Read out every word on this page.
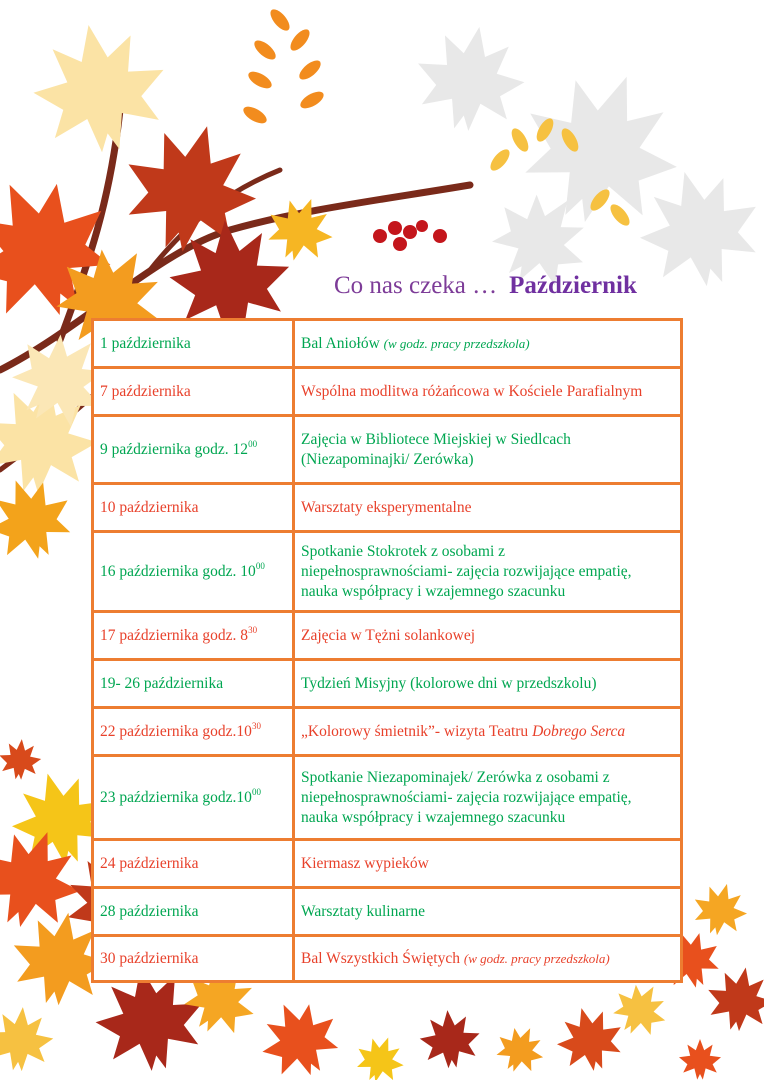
Co nas czeka … Październik
1 października	Bal Aniołów (w godz. pracy przedszkola)
7 października	Wspólna modlitwa różańcowa w Kościele Parafialnym
9 października godz. $12^{00}$	Zajęcia w Bibliotece Miejskiej w Siedlcach
(Niezapominajki/ Zerówka)
10 października	Warsztaty eksperymentalne
16 października godz. $10^{00}$	Spotkanie Stokrotek z osobami z
niepełnosprawnościami- zajęcia rozwijające empatię,
nauka współpracy i wzajemnego szacunku
17 października godz. $8^{30}$	Zajęcia w Tężni solankowej
19- 26 października	Tydzień Misyjny (kolorowe dni w przedszkolu)
22 października $godz.10^{30}$	„Kolorowy śmietnik”- wizyta Teatru Dobrego Serca
23 października $godz.10^{00}$	Spotkanie Niezapominajek/ Zerówka z osobami z
niepełnosprawnościami- zajęcia rozwijające empatię,
nauka współpracy i wzajemnego szacunku
24 października	Kiermasz wypieków
28 października	Warsztaty kulinarne
30 października	Bal Wszystkich Świętych (w godz. pracy przedszkola)
